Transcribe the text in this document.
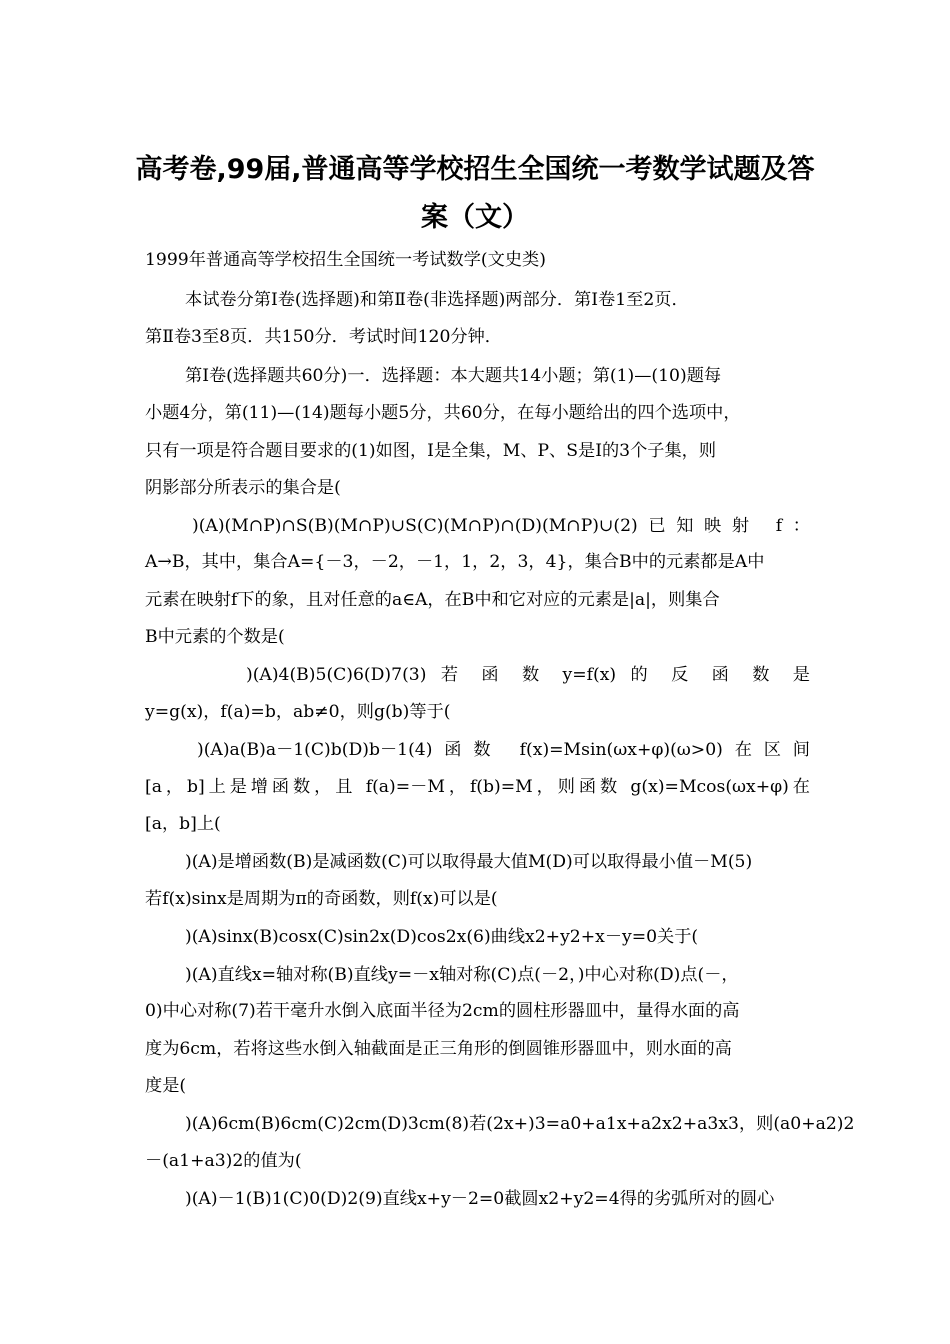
高考卷,99届,普通高等学校招生全国统一考数学试题及答
案（文）
1999年普通高等学校招生全国统一考试数学(文史类)
本试卷分第Ⅰ卷(选择题)和第Ⅱ卷(非选择题)两部分．第Ⅰ卷1至2页．
第Ⅱ卷3至8页．共150分．考试时间120分钟．
第Ⅰ卷(选择题共60分)一．选择题：本大题共14小题；第(1)—(10)题每
小题4分，第(11)—(14)题每小题5分，共60分，在每小题给出的四个选项中，
只有一项是符合题目要求的(1)如图，Ⅰ是全集，M、P、S是Ⅰ的3个子集，则
阴影部分所表示的集合是(
)(A)(M∩P)∩S(B)(M∩P)∪S(C)(M∩P)∩(D)(M∩P)∪(2)已知映射 f：
A→B，其中，集合A={－3，－2，－1，1，2，3，4}，集合B中的元素都是A中
元素在映射f下的象，且对任意的a∈A，在B中和它对应的元素是|a|，则集合
B中元素的个数是(
)(A)4(B)5(C)6(D)7(3) 若 函 数 y=f(x) 的 反 函 数 是
y=g(x)，f(a)=b，ab≠0，则g(b)等于(
)(A)a(B)a－1(C)b(D)b－1(4)函数 f(x)=Msin(ωx+φ)(ω>0)在区间
[a，b]上是增函数，且 f(a)=－M，f(b)=M，则函数 g(x)=Mcos(ωx+φ)在
[a，b]上(
)(A)是增函数(B)是减函数(C)可以取得最大值M(D)可以取得最小值－M(5)
若f(x)sinx是周期为π的奇函数，则f(x)可以是(
)(A)sinx(B)cosx(C)sin2x(D)cos2x(6)曲线x2+y2+x－y=0关于(
)(A)直线x=轴对称(B)直线y=－x轴对称(C)点(－2，)中心对称(D)点(－，
0)中心对称(7)若干毫升水倒入底面半径为2cm的圆柱形器皿中，量得水面的高
度为6cm，若将这些水倒入轴截面是正三角形的倒圆锥形器皿中，则水面的高
度是(
)(A)6cm(B)6cm(C)2cm(D)3cm(8)若(2x+)3=a0+a1x+a2x2+a3x3，则(a0+a2)2
－(a1+a3)2的值为(
)(A)－1(B)1(C)0(D)2(9)直线x+y－2=0截圆x2+y2=4得的劣弧所对的圆心
